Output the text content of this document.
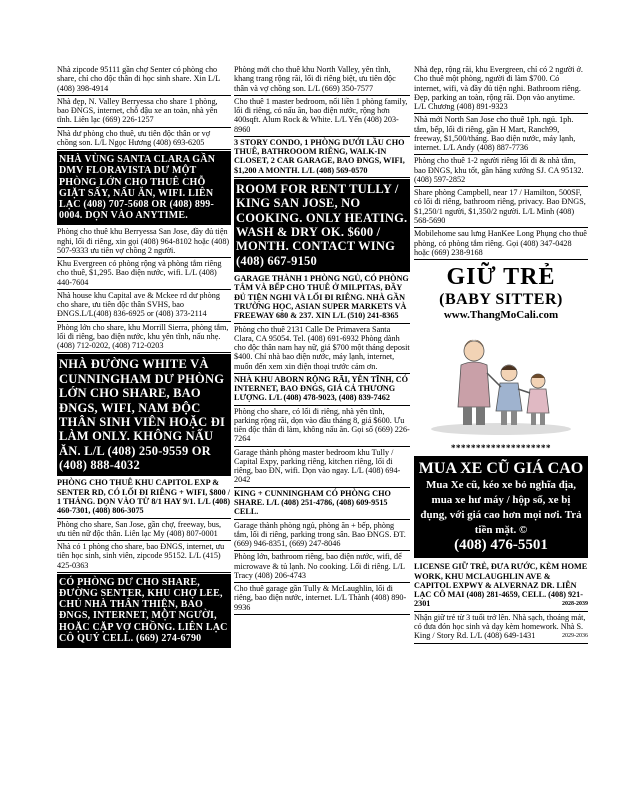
Nhà zipcode 95111 gần chợ Senter có phòng cho share, chỉ cho độc thân đi học sinh share. Xin L/L (408) 398-4914
Nhà đẹp, N. Valley Berryessa cho share 1 phòng, bao ĐNGS, internet, chỗ đậu xe an toàn, nhà yên tĩnh. Liên lạc (669) 226-1257
Nhà dư phòng cho thuê, ưu tiên độc thân or vợ chồng son. L/L Ngọc Hương (408) 693-6205
NHÀ VÙNG SANTA CLARA GẦN DMV FLORAVISTA DƯ MỘT PHÒNG LỚN CHO THUÊ CHỖ GIẶT SẤY, NẤU ĂN, WIFI. LIÊN LẠC (408) 707-5608 OR (408) 899-0004. DỌN VÀO ANYTIME.
Phòng cho thuê khu Berryessa San Jose, đầy đủ tiện nghi, lối đi riêng, xin gọi (408) 964-8102 hoặc (408) 507-9333 ưu tiên vợ chồng 2 người.
Khu Evergreen có phòng rộng và phòng tắm riêng cho thuê, $1,295. Bao điện nước, wifi. L/L (408) 440-7604
Nhà house khu Capital ave & Mckee rd dư phòng cho share, ưu tiên độc thân SVHS, bao ĐNGS.L/L(408) 836-6925 or (408) 373-2114
Phòng lớn cho share, khu Morrill Sierra, phòng tắm, lối đi riêng, bao điện nước, khu yên tĩnh, nấu nhẹ. (408) 712-0202, (408) 712-0203
NHÀ ĐƯỜNG WHITE VÀ CUNNINGHAM DƯ PHÒNG LỚN CHO SHARE, BAO ĐNGS, WIFI, NAM ĐỘC THÂN SINH VIÊN HOẶC ĐI LÀM ONLY. KHÔNG NẤU ĂN. L/L (408) 250-9559 OR (408) 888-4032
PHÒNG CHO THUÊ KHU CAPITOL EXP & SENTER RD, CÓ LỐI ĐI RIÊNG + WIFI, $800 / 1 THÁNG. DỌN VÀO TỪ 8/1 HAY 9/1. L/L (408) 460-7301, (408) 806-3075
Phòng cho share, San Jose, gần chợ, freeway, bus, ưu tiên nữ độc thân. Liên lạc My (408) 807-0001
Nhà có 1 phòng cho share, bao ĐNGS, internet, ưu tiên học sinh, sinh viên, zipcode 95152. L/L (415) 425-0363
CÓ PHÒNG DƯ CHO SHARE, ĐƯỜNG SENTER, KHU CHỢ LEE, CHỦ NHÀ THÂN THIỆN, BAO ĐNGS, INTERNET, MỘT NGƯỜI, HOẶC CẶP VỢ CHỒNG. LIÊN LẠC CÔ QUÝ CELL. (669) 274-6790
Phòng mới cho thuê khu North Valley, yên tĩnh, khang trang rộng rãi, lối đi riêng biệt, ưu tiên độc thân và vợ chồng son. L/L (669) 350-7577
Cho thuê 1 master bedroom, nối liền 1 phòng family, lối đi riêng, có nấu ăn, bao điện nước, rộng hơn 400sqft. Alum Rock & White. L/L Yến (408) 203-8960
3 STORY CONDO, 1 PHÒNG DƯỚI LẦU CHO THUÊ, BATHROOOM RIÊNG, WALK-IN CLOSET, 2 CAR GARAGE, BAO ĐNGS, WIFI, $1,200 A MONTH. L/L (408) 569-0570
ROOM FOR RENT TULLY / KING SAN JOSE, NO COOKING. ONLY HEATING. WASH & DRY OK. $600 / MONTH. CONTACT WING (408) 667-9150
GARAGE THÀNH 1 PHÒNG NGỦ, CÓ PHÒNG TẮM VÀ BẾP CHO THUÊ Ở MILPITAS, ĐẦY ĐỦ TIỆN NGHI VÀ LỐI ĐI RIÊNG. NHÀ GẦN TRƯỜNG HỌC, ASIAN SUPER MARKETS VÀ FREEWAY 680 & 237. XIN L/L (510) 241-8365
Phòng cho thuê 2131 Calle De Primavera Santa Clara, CA 95054. Tel. (408) 691-6932 Phòng dành cho độc thân nam hay nữ, giá $700 một tháng deposit $400. Chỉ nhà bao điện nước, máy lạnh, internet, muốn đến xem xin điện thoại trước cảm ơn.
NHÀ KHU ABORN RỘNG RÃI, YÊN TĨNH, CÓ INTERNET, BAO ĐNGS, GIÁ CẢ THƯƠNG LƯỢNG. L/L (408) 478-9023, (408) 839-7462
Phòng cho share, có lối đi riêng, nhà yên tĩnh, parking rộng rãi, dọn vào đầu tháng 8, giá $600. Ưu tiên độc thân đi làm, không nấu ăn. Gọi số (669) 226-7264
Garage thành phòng master bedroom khu Tully / Capital Expy, parking riêng, kitchen riêng, lối đi riêng, bao ĐN, wifi. Dọn vào ngay. L/L (408) 694-2042
KING + CUNNINGHAM CÓ PHÒNG CHO SHARE. L/L (408) 251-4786, (408) 609-9515 CELL.
Garage thành phòng ngủ, phòng ăn + bếp, phòng tắm, lối đi riêng, parking trong sân. Bao ĐNGS. ĐT. (669) 946-8351, (669) 247-8046
Phòng lớn, bathroom riêng, bao điện nước, wifi, để microwave & tủ lạnh. No cooking. Lối đi riêng. L/L Tracy (408) 206-4743
Cho thuê garage gần Tully & McLaughlin, lối đi riêng, bao điện nước, internet. L/L Thành (408) 890-9936
Nhà đẹp, rộng rãi, khu Evergreen, chỉ có 2 người ở. Cho thuê một phòng, người đi làm $700. Có internet, wifi, và đầy đủ tiện nghi. Bathroom riêng. Đẹp, parking an toàn, rộng rãi. Dọn vào anytime. L/L Chương (408) 891-9323
Nhà mới North San Jose cho thuê 1ph. ngủ. 1ph. tắm, bếp, lối đi riêng, gần H Mart, Ranch99, freeway, $1,500/tháng. Bao điện nước, máy lạnh, internet. L/L Andy (408) 887-7736
Phòng cho thuê 1-2 người riêng lối đi & nhà tắm, bao ĐNGS, khu tốt, gần hãng xưởng SJ. CA 95132. (408) 597-2852
Share phòng Campbell, near 17 / Hamilton, 500SF, có lối đi riêng, bathroom riêng, privacy. Bao ĐNGS, $1,250/1 người, $1,350/2 người. L/L Minh (408) 568-5690
Mobilehome sau lưng HanKee Long Phụng cho thuê phòng, có phòng tắm riêng. Gọi (408) 347-0428 hoặc (669) 238-9168
GIỮ TRẺ
(BABY SITTER)
www.ThangMoCali.com
********************
MUA XE CŨ GIÁ CAO
Mua Xe cũ, kéo xe bỏ nghĩa địa, mua xe hư máy / hộp số, xe bị đụng, với giá cao hơn mọi nơi. Trả tiền mặt. ©
(408) 476-5501
LICENSE GIỮ TRẺ, ĐƯA RƯỚC, KÈM HOME WORK, KHU MCLAUGHLIN AVE & CAPITOL EXPWY & ALVERNAZ DR. LIÊN LẠC CÔ MAI (408) 281-4659, CELL. (408) 921-2301	2028-2039
Nhận giữ trẻ từ 3 tuổi trở lên. Nhà sạch, thoáng mát, có đưa đón học sinh và dạy kèm homework. Nhà S. King / Story Rd. L/L (408) 649-1431	2029-2036
